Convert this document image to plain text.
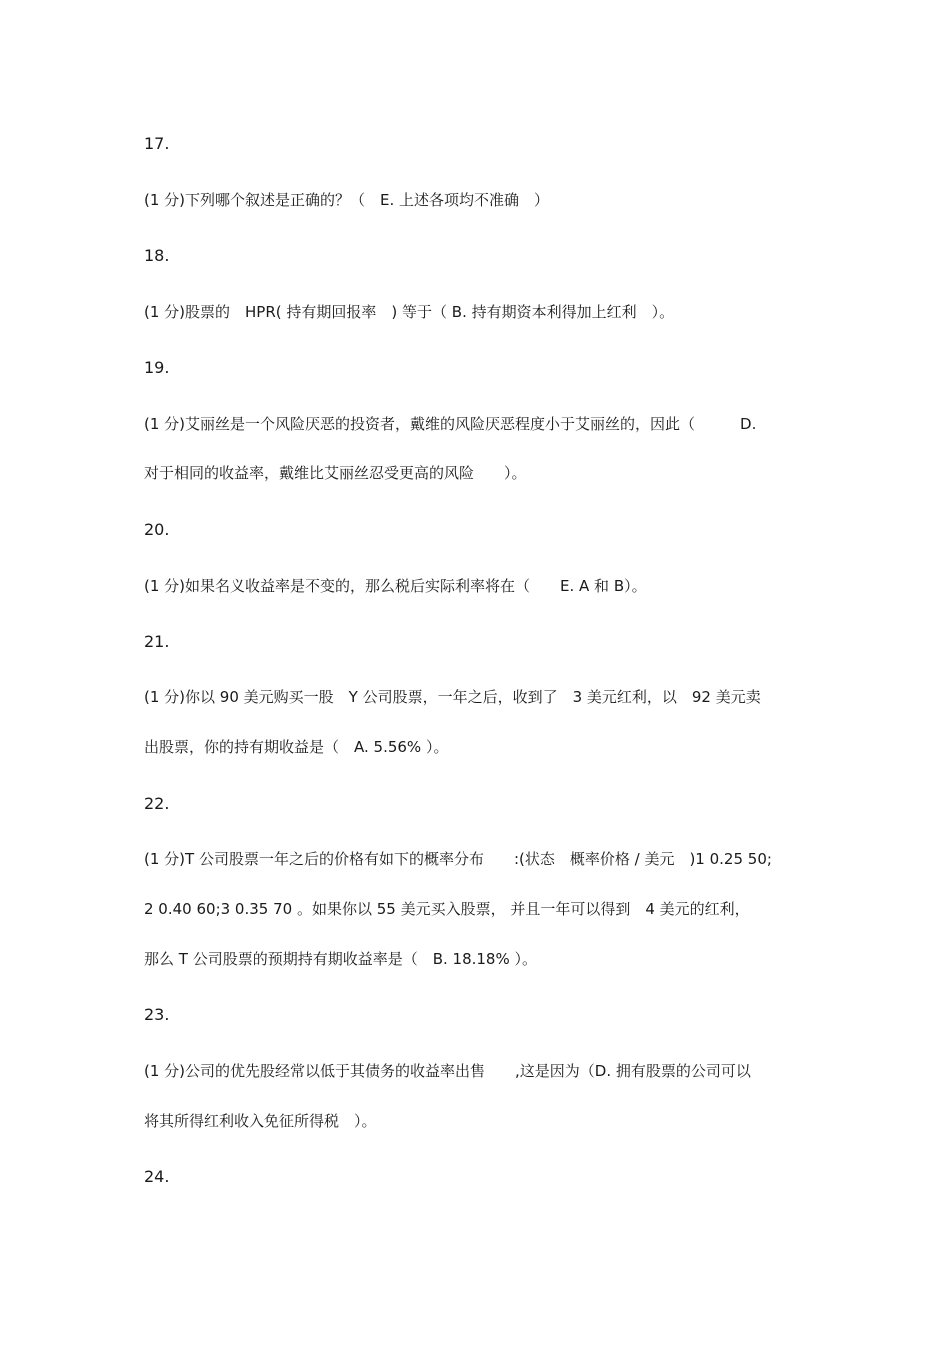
17.
(1 分)下列哪个叙述是正确的？（　E. 上述各项均不准确　）
18.
(1 分)股票的　HPR( 持有期回报率　) 等于（ B. 持有期资本利得加上红利　）。
19.
(1 分)艾丽丝是一个风险厌恶的投资者，戴维的风险厌恶程度小于艾丽丝的，因此（　　　D.
对于相同的收益率，戴维比艾丽丝忍受更高的风险　　）。
20.
(1 分)如果名义收益率是不变的，那么税后实际利率将在（　　E. A 和 B）。
21.
(1 分)你以 90 美元购买一股　Y 公司股票，一年之后，收到了　3 美元红利，以　92 美元卖
出股票，你的持有期收益是（　A. 5.56% ）。
22.
(1 分)T 公司股票一年之后的价格有如下的概率分布　　:(状态　概率价格 / 美元　)1 0.25 50;
2 0.40 60;3 0.35 70 。如果你以 55 美元买入股票， 并且一年可以得到　4 美元的红利，
那么 T 公司股票的预期持有期收益率是（　B. 18.18% ）。
23.
(1 分)公司的优先股经常以低于其债务的收益率出售　　,这是因为（D. 拥有股票的公司可以
将其所得红利收入免征所得税　）。
24.
